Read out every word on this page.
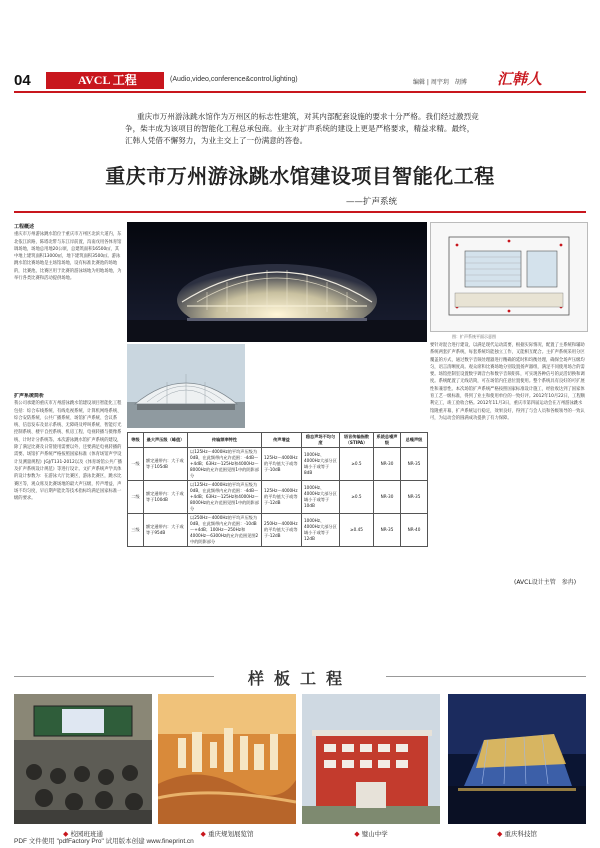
04	AVCL 工程	(Audio,video,conference&control,lighting)	编辑 | 周宇玥　胡博 汇韩人
重庆市万州游泳跳水馆作为万州区的标志性建筑，对其内部配套设施的要求十分严格。我们经过激烈竞争，柴丰成为该项目的智能化工程总承包商。业主对扩声系统的建设上更是严格要求，精益求精。最终，汇韩人凭借不懈努力，为业主交上了一份满意的答卷。
重庆市万州游泳跳水馆建设项目智能化工程
——扩声系统
工程概述
重庆市万州游泳跳水馆位于重庆市万州区北滨大道内，东北依江滨路，陈塔北带与东江岸前置，沟南戊用各体育馆调场地，场地总用地20公顷，总建筑面积16500㎡，其中地上建筑面积13000㎡，地下建筑面积3500㎡。游泳跳水馆比赛场地是主场馆场地，设有标准比赛池的场地的，比赛池，比赛区用于比赛的游泳场地为用地场地，为举行各类比赛和活动提供场地。
扩声系统简析
我公司承建的重庆市万州游泳跳水馆建设项目智能化工程包括：综合布线系统、有线电视系统、计算机网络系统、综合安防系统、公共广播系统、场馆扩声系统、会议系统、信息发布及显示系统、无障碍及呼叫系统、智能灯光控制系统、楼宇自控系统、机房工程、电视转播与摄像系统、计时计分系统等。本次游泳跳水馆扩声系统的建设，除了满足比赛及日常使用需要以外，还要满足电视转播的需要。场馆扩声系统严格按照国家标准《体育场馆声学设计及测量规程》JGJ/T131-2012以及《体育场馆公共广播及扩声系统设计规范》等进行设计。文扩声系统声学具体的设计参数为：在游泳大厅比赛区，游泳比赛区，跳水比赛区等，观众席及比赛场地的最大声压级，传声增益，声场不均匀度，早后期声能比等技术指标均满足国家标准一级的要求。
图：扩声系统平面示意图
要针对混合进行建设，以满足现代运动需要，根据实际情况，配置了主系统和辅助系统两套扩声系统，每套系统均能独立工作，又能相互配合。主扩声系统采用分区覆盖的方式，通过数字音频处理器进行精确的延时和均衡处理，确保全场声压级均匀，语言清晰度高。观众席和比赛场地分别设置扬声器组，满足不同使用场合的需要。场馆控制室设置数字调音台和数字音频矩阵，可实现各种信号的灵活切换和调度。系统配置了无线话筒，可在场馆内任意位置使用。整个系统具有良好的可扩展性和兼容性。本次场馆扩声系统严格按照国家标准设计施工，经验收达到了国家体育工艺一级标准，得到了业主和使用单位的一致好评。2012年10月22日，工程顺利完工，竣工验收合格。2012年11月3日，重庆市第四届运动会在万州游泳跳水馆隆重开幕，扩声系统运行稳定，效果良好，得到了与会人员和各级领导的一致认可，为运动会的圆满成功提供了有力保障。
(AVCL设计主管　参冉)
等级	最大声压级（峰值）	传输频率特性	传声增益	稳态声场不均匀度	语言传输指数（STIPA）	系统总噪声级	总噪声级
一级	额定通带内：大于或等于105dB	以125Hz～4000Hz的平均声压级为0dB，在此频带内允许范围：-4dB～+4dB；63Hz～125Hz和4000Hz～8000Hz的允许范围见图1中的阴影部分	125Hz～4000Hz的平均值大于或等于-10dB	1000Hz、4000Hz大部分区域小于或等于8dB	≥0.5	NR-30	NR-35
二级	额定通带内：大于或等于100dB	以125Hz～4000Hz的平均声压级为0dB，在此频带内允许范围：-4dB～+4dB；63Hz～125Hz和4000Hz～8000Hz的允许范围见图1中的阴影部分	125Hz～4000Hz的平均值大于或等于-12dB	1000Hz、4000Hz大部分区域小于或等于10dB	≥0.5	NR-30	NR-35
三级	额定通带内：大于或等于95dB	以250Hz～4000Hz的平均声压级为0dB，在此频带内允许范围：-10dB～+4dB；100Hz～250Hz和4000Hz～6300Hz的允许范围见图2中的阴影部分	250Hz～4000Hz的平均值大于或等于-12dB	1000Hz、4000Hz大部分区域小于或等于12dB	≥0.45	NR-35	NR-40
样板工程
◆ 校园班班通	◆ 重庆规划展览馆	◆ 璧山中学	◆ 重庆科技馆
PDF 文件使用 "pdfFactory Pro" 试用版本创建 www.fineprint.cn
